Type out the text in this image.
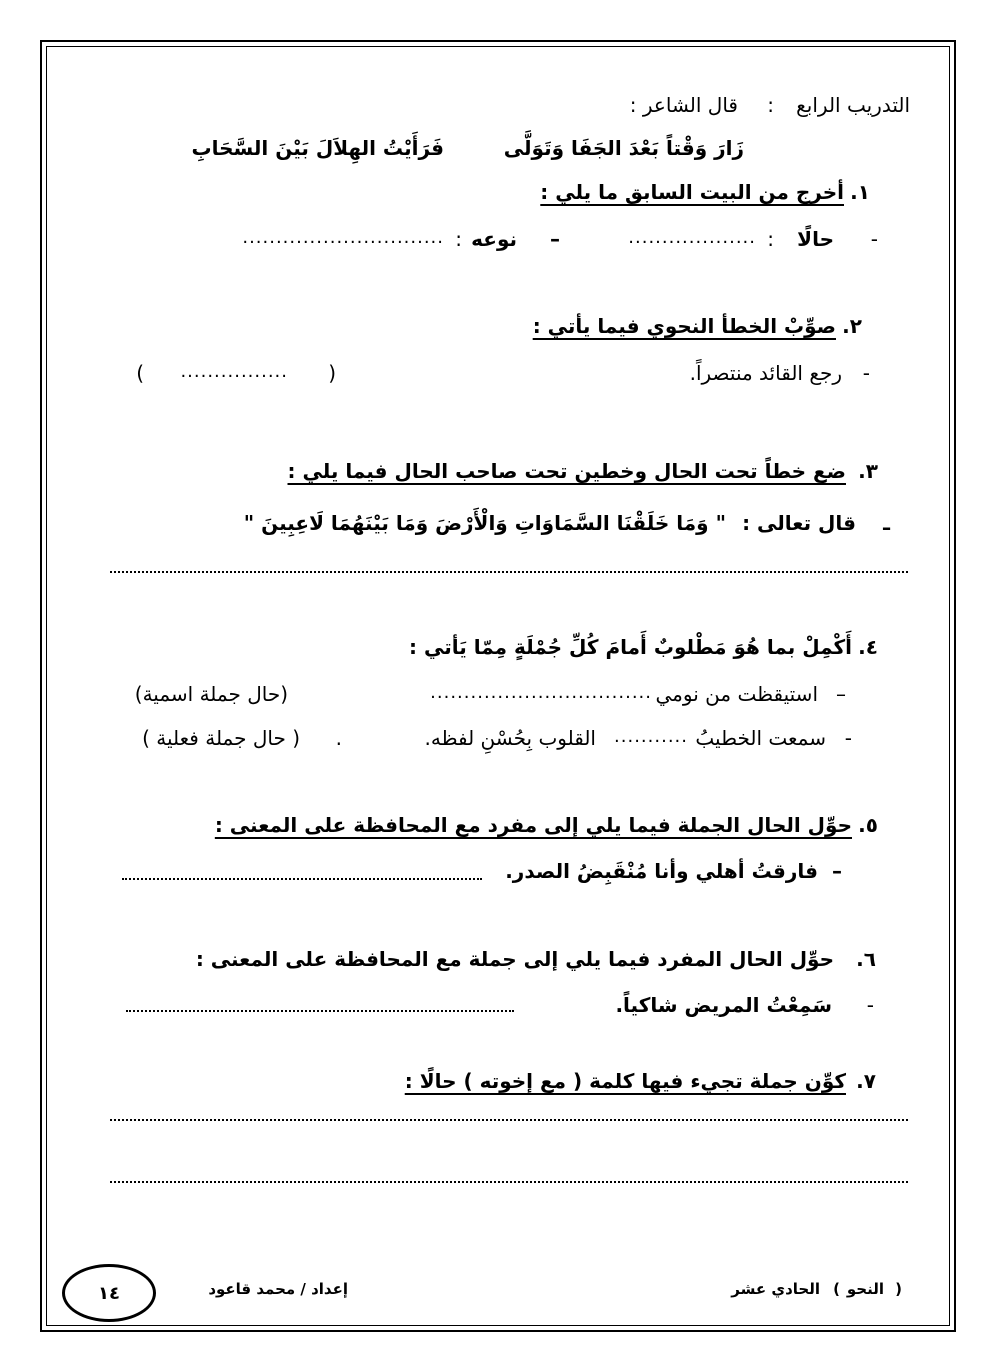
التدريب الرابع
:
قال الشاعر :
زَارَ وَقْتاً بَعْدَ الجَفَا وَتَوَلَّى
فَرَأَيْتُ الهِلاَلَ بَيْنَ السَّحَابِ
١.
أخرج من البيت السابق ما يلي :
-
حالًا
:
...................
–
نوعه
:
..............................
٢.
صوِّبْ الخطأ النحوي فيما يأتي :
-
رجع القائد منتصراً.
(
................
)
٣.
ضع خطاً تحت الحال وخطين تحت صاحب الحال فيما يلي :
ـ
قال تعالى :
" وَمَا خَلَقْنَا السَّمَاوَاتِ وَالْأَرْضَ وَمَا بَيْنَهُمَا لَاعِبِينَ "
٤.
أَكْمِلْ بما هُوَ مَطْلوبٌ أَمامَ كُلِّ جُمْلَةٍ مِمّا يَأتي :
–
استيقظت من نومي
.................................
(حال جملة اسمية)
-
سمعت الخطيبُ
...........
القلوب بِحُسْنِ لفظه.
.
( حال جملة فعلية )
٥.
حوِّل الحال الجملة فيما يلي إلى مفرد مع المحافظة على المعنى :
–
فارقتُ أهلي وأنا مُنْقَبِضُ الصدر.
٦.
حوِّل الحال المفرد فيما يلي إلى جملة مع المحافظة على المعنى :
-
سَمِعْتُ المريض شاكياً.
٧.
كوِّن جملة تجيء فيها كلمة ( مع إخوته ) حالًا :
(
النحو
)
الحادي عشر
إعداد / محمد قاعود
١٤
